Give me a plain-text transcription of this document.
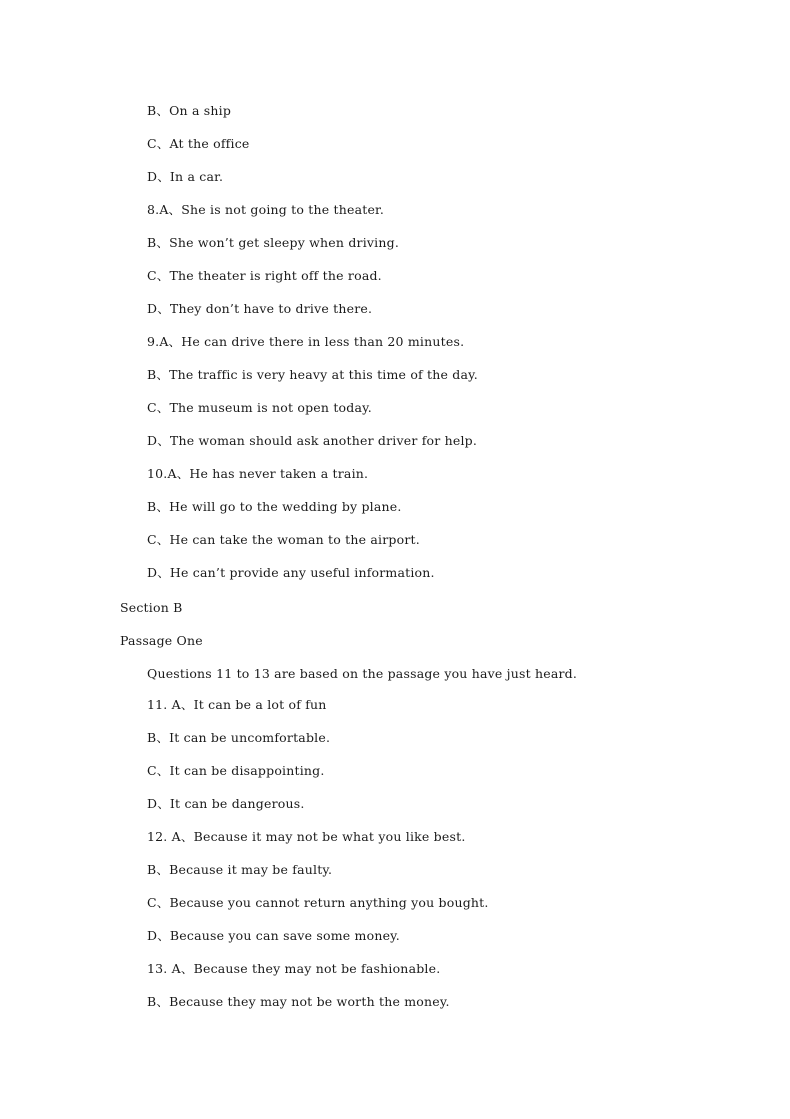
B、On a ship
C、At the office
D、In a car.
8.A、She is not going to the theater.
B、She won’t get sleepy when driving.
C、The theater is right off the road.
D、They don’t have to drive there.
9.A、He can drive there in less than 20 minutes.
B、The traffic is very heavy at this time of the day.
C、The museum is not open today.
D、The woman should ask another driver for help.
10.A、He has never taken a train.
B、He will go to the wedding by plane.
C、He can take the woman to the airport.
D、He can’t provide any useful information.
Section B
Passage One
Questions 11 to 13 are based on the passage you have just heard.
11. A、It can be a lot of fun
B、It can be uncomfortable.
C、It can be disappointing.
D、It can be dangerous.
12. A、Because it may not be what you like best.
B、Because it may be faulty.
C、Because you cannot return anything you bought.
D、Because you can save some money.
13. A、Because they may not be fashionable.
B、Because they may not be worth the money.
